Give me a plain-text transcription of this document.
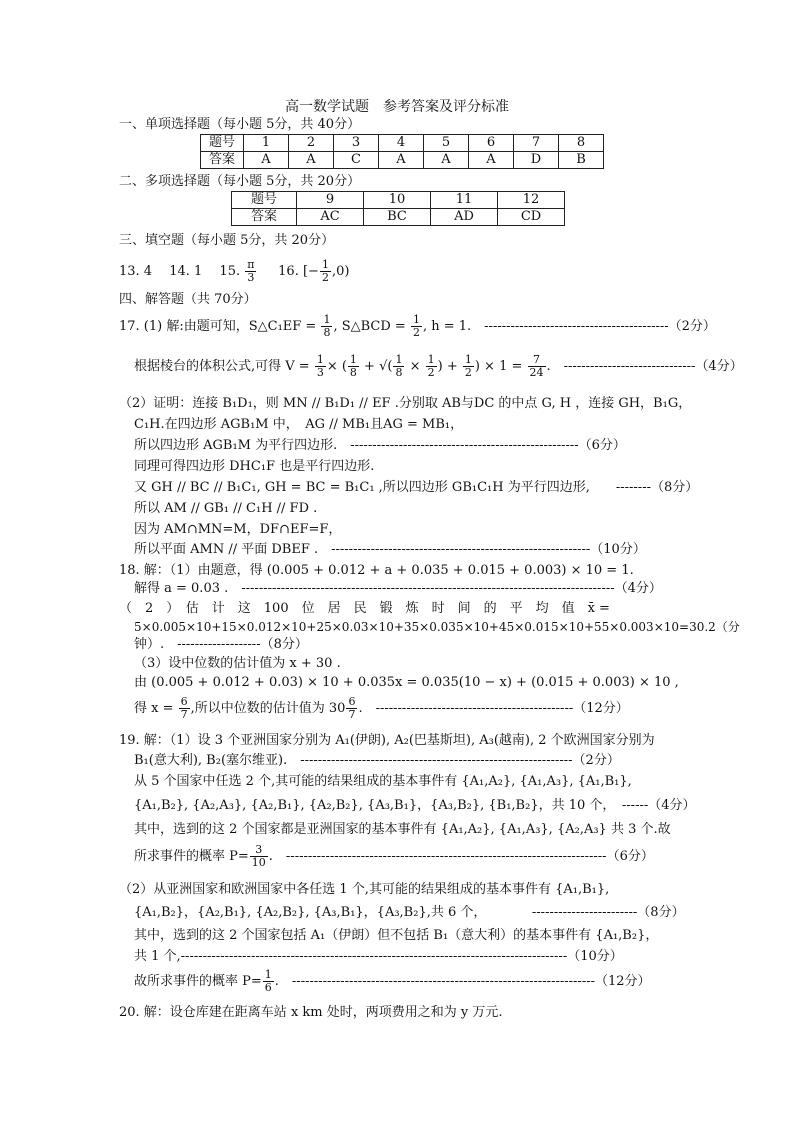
高一数学试题　参考答案及评分标准
一、单项选择题（每小题 5分，共 40分）
题号	1	2	3	4	5	6	7	8
答案	A	A	C	A	A	A	D	B
二、多项选择题（每小题 5分，共 20分）
题号	9	10	11	12
答案	AC	BC	AD	CD
三、填空题（每小题 5分，共 20分）
13. 4　 14. 1　 15. $\frac{\pi}{3} 16$. [− $\frac{1}{2} ,0$)
四、解答题（共 70分）
17. (1) 解:由题可知，S△C₁EF = $\frac{1}{8}$ , S△BCD = $\frac{1}{2}$ , h = 1.　------------------------------------------（2分）
根据棱台的体积公式,可得 $V = \frac{1}{3}$ × ( $\frac{1}{8}$ + √( $\frac{1}{8} \times \frac{1}{2}$ ) + $\frac{1}{2}$ ) × $1 = \frac{7}{24}$ .　------------------------------（4分）
（2）证明：连接 B₁D₁，则 MN // B₁D₁ // EF .分别取 AB与DC 的中点 G, H ，连接 GH，B₁G，
C₁H.在四边形 AGB₁M 中，　AG // MB₁且AG = MB₁，
所以四边形 AGB₁M 为平行四边形.　----------------------------------------------------（6分）
同理可得四边形 DHC₁F 也是平行四边形.
又 GH // BC // B₁C₁, GH = BC = B₁C₁ ,所以四边形 GB₁C₁H 为平行四边形,　　--------（8分）
所以 AM // GB₁ // C₁H // FD .
因为 AM∩MN=M，DF∩EF=F，
所以平面 AMN // 平面 DBEF .　-----------------------------------------------------------（10分）
18. 解：（1）由题意，得 (0.005 + 0.012 + a + 0.035 + 0.015 + 0.003) × 10 = 1.
解得 a = 0.03 .　-------------------------------------------------------------------------------------（4分）
（　2　）　估　计　这　100　位　居　民　锻　炼　时　间　的　平　均　值　x̄ =
5×0.005×10+15×0.012×10+25×0.03×10+35×0.035×10+45×0.015×10+55×0.003×10=30.2（分
钟）.　-------------------（8分）
（3）设中位数的估计值为 x + 30 .
由 (0.005 + 0.012 + 0.03) × 10 + 0.035x = 0.035(10 − x) + (0.015 + 0.003) × 10 ,
得 $x = \frac{6}{7}$ ,所以中位数的估计值为 $30 \frac{6}{7}$ .　---------------------------------------------（12分）
19. 解：（1）设 3 个亚洲国家分别为 A₁(伊朗), A₂(巴基斯坦), A₃(越南), 2 个欧洲国家分别为
B₁(意大利), B₂(塞尔维亚).　--------------------------------------------------------------（2分）
从 5 个国家中任选 2 个,其可能的结果组成的基本事件有 {A₁,A₂}, {A₁,A₃}, {A₁,B₁},
{A₁,B₂}, {A₂,A₃}, {A₂,B₁}, {A₂,B₂}, {A₃,B₁}，{A₃,B₂}, {B₁,B₂}，共 10 个，　------（4分）
其中，选到的这 2 个国家都是亚洲国家的基本事件有 {A₁,A₂}, {A₁,A₃}, {A₂,A₃} 共 3 个.故
所求事件的概率 $P= \frac{3}{10}$ .　-------------------------------------------------------------------------（6分）
（2）从亚洲国家和欧洲国家中各任选 1 个,其可能的结果组成的基本事件有 {A₁,B₁},
{A₁,B₂}，{A₂,B₁}, {A₂,B₂}, {A₃,B₁}，{A₃,B₂},共 6 个，　　　　------------------------（8分）
其中，选到的这 2 个国家包括 A₁（伊朗）但不包括 B₁（意大利）的基本事件有 {A₁,B₂}，
共 1 个,----------------------------------------------------------------------------------------（10分）
故所求事件的概率 $P= \frac{1}{6}$ .　---------------------------------------------------------------------（12分）
20. 解：设仓库建在距离车站 x km 处时，两项费用之和为 y 万元.
